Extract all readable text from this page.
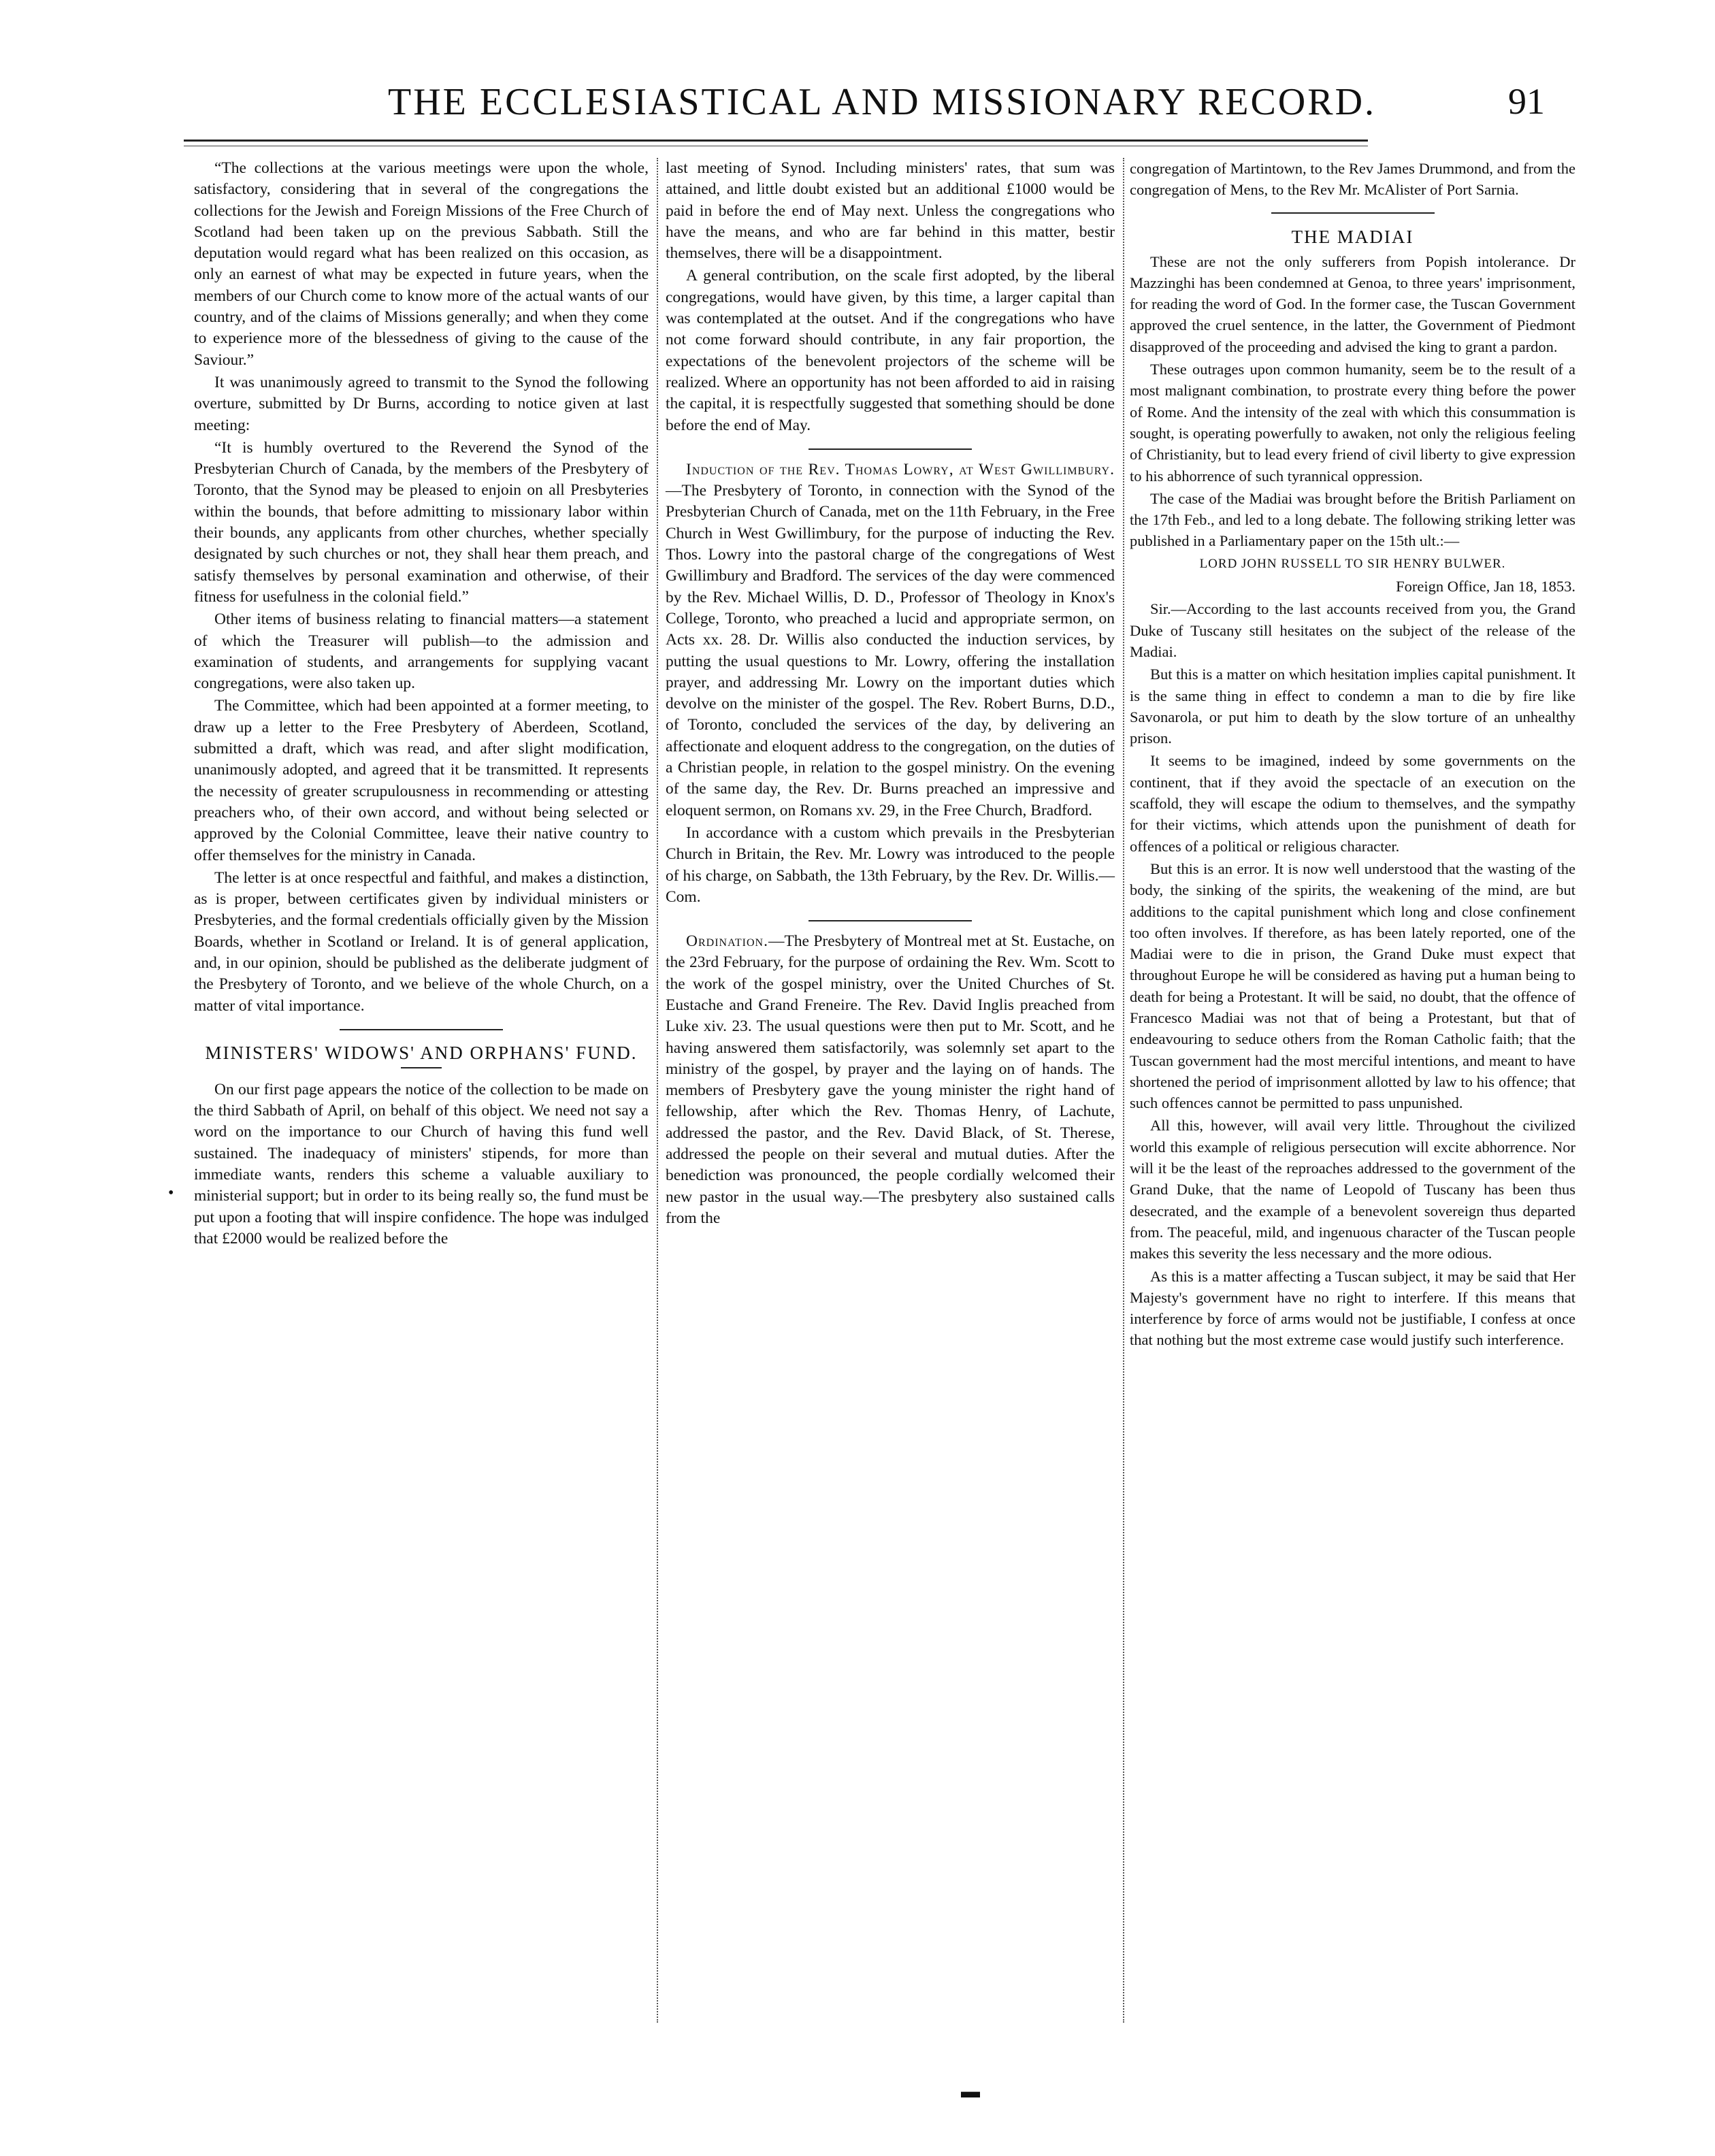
THE ECCLESIASTICAL AND MISSIONARY RECORD.	91

“The collections at the various meetings were upon the whole, satisfactory, considering that in several of the congregations the collections for the Jewish and Foreign Missions of the Free Church of Scotland had been taken up on the previous Sabbath. Still the deputation would regard what has been realized on this occasion, as only an earnest of what may be expected in future years, when the members of our Church come to know more of the actual wants of our country, and of the claims of Missions generally; and when they come to experience more of the blessedness of giving to the cause of the Saviour.”

It was unanimously agreed to transmit to the Synod the following overture, submitted by Dr Burns, according to notice given at last meeting:

“It is humbly overtured to the Reverend the Synod of the Presbyterian Church of Canada, by the members of the Presbytery of Toronto, that the Synod may be pleased to enjoin on all Presbyteries within the bounds, that before admitting to missionary labor within their bounds, any applicants from other churches, whether specially designated by such churches or not, they shall hear them preach, and satisfy themselves by personal examination and otherwise, of their fitness for usefulness in the colonial field.”

Other items of business relating to financial matters—a statement of which the Treasurer will publish—to the admission and examination of students, and arrangements for supplying vacant congregations, were also taken up.

The Committee, which had been appointed at a former meeting, to draw up a letter to the Free Presbytery of Aberdeen, Scotland, submitted a draft, which was read, and after slight modification, unanimously adopted, and agreed that it be transmitted. It represents the necessity of greater scrupulousness in recommending or attesting preachers who, of their own accord, and without being selected or approved by the Colonial Committee, leave their native country to offer themselves for the ministry in Canada.

The letter is at once respectful and faithful, and makes a distinction, as is proper, between certificates given by individual ministers or Presbyteries, and the formal credentials officially given by the Mission Boards, whether in Scotland or Ireland. It is of general application, and, in our opinion, should be published as the deliberate judgment of the Presbytery of Toronto, and we believe of the whole Church, on a matter of vital importance.

MINISTERS' WIDOWS' AND ORPHANS' FUND.

On our first page appears the notice of the collection to be made on the third Sabbath of April, on behalf of this object. We need not say a word on the importance to our Church of having this fund well sustained. The inadequacy of ministers' stipends, for more than immediate wants, renders this scheme a valuable auxiliary to ministerial support; but in order to its being really so, the fund must be put upon a footing that will inspire confidence. The hope was indulged that £2000 would be realized before the

last meeting of Synod. Including ministers' rates, that sum was attained, and little doubt existed but an additional £1000 would be paid in before the end of May next. Unless the congregations who have the means, and who are far behind in this matter, bestir themselves, there will be a disappointment.

A general contribution, on the scale first adopted, by the liberal congregations, would have given, by this time, a larger capital than was contemplated at the outset. And if the congregations who have not come forward should contribute, in any fair proportion, the expectations of the benevolent projectors of the scheme will be realized. Where an opportunity has not been afforded to aid in raising the capital, it is respectfully suggested that something should be done before the end of May.

Induction of the Rev. Thomas Lowry, at West Gwillimbury.—The Presbytery of Toronto, in connection with the Synod of the Presbyterian Church of Canada, met on the 11th February, in the Free Church in West Gwillimbury, for the purpose of inducting the Rev. Thos. Lowry into the pastoral charge of the congregations of West Gwillimbury and Bradford. The services of the day were commenced by the Rev. Michael Willis, D. D., Professor of Theology in Knox's College, Toronto, who preached a lucid and appropriate sermon, on Acts xx. 28. Dr. Willis also conducted the induction services, by putting the usual questions to Mr. Lowry, offering the installation prayer, and addressing Mr. Lowry on the important duties which devolve on the minister of the gospel. The Rev. Robert Burns, D.D., of Toronto, concluded the services of the day, by delivering an affectionate and eloquent address to the congregation, on the duties of a Christian people, in relation to the gospel ministry. On the evening of the same day, the Rev. Dr. Burns preached an impressive and eloquent sermon, on Romans xv. 29, in the Free Church, Bradford.

In accordance with a custom which prevails in the Presbyterian Church in Britain, the Rev. Mr. Lowry was introduced to the people of his charge, on Sabbath, the 13th February, by the Rev. Dr. Willis.—Com.

Ordination.—The Presbytery of Montreal met at St. Eustache, on the 23rd February, for the purpose of ordaining the Rev. Wm. Scott to the work of the gospel ministry, over the United Churches of St. Eustache and Grand Freneire. The Rev. David Inglis preached from Luke xiv. 23. The usual questions were then put to Mr. Scott, and he having answered them satisfactorily, was solemnly set apart to the ministry of the gospel, by prayer and the laying on of hands. The members of Presbytery gave the young minister the right hand of fellowship, after which the Rev. Thomas Henry, of Lachute, addressed the pastor, and the Rev. David Black, of St. Therese, addressed the people on their several and mutual duties. After the benediction was pronounced, the people cordially welcomed their new pastor in the usual way.—The presbytery also sustained calls from the

congregation of Martintown, to the Rev James Drummond, and from the congregation of Mens, to the Rev Mr. McAlister of Port Sarnia.

THE MADIAI

These are not the only sufferers from Popish intolerance. Dr Mazzinghi has been condemned at Genoa, to three years' imprisonment, for reading the word of God. In the former case, the Tuscan Government approved the cruel sentence, in the latter, the Government of Piedmont disapproved of the proceeding and advised the king to grant a pardon.

These outrages upon common humanity, seem be to the result of a most malignant combination, to prostrate every thing before the power of Rome. And the intensity of the zeal with which this consummation is sought, is operating powerfully to awaken, not only the religious feeling of Christianity, but to lead every friend of civil liberty to give expression to his abhorrence of such tyrannical oppression.

The case of the Madiai was brought before the British Parliament on the 17th Feb., and led to a long debate. The following striking letter was published in a Parliamentary paper on the 15th ult.:—

LORD JOHN RUSSELL TO SIR HENRY BULWER.

Foreign Office, Jan 18, 1853.

Sir.—According to the last accounts received from you, the Grand Duke of Tuscany still hesitates on the subject of the release of the Madiai.

But this is a matter on which hesitation implies capital punishment. It is the same thing in effect to condemn a man to die by fire like Savonarola, or put him to death by the slow torture of an unhealthy prison.

It seems to be imagined, indeed by some governments on the continent, that if they avoid the spectacle of an execution on the scaffold, they will escape the odium to themselves, and the sympathy for their victims, which attends upon the punishment of death for offences of a political or religious character.

But this is an error. It is now well understood that the wasting of the body, the sinking of the spirits, the weakening of the mind, are but additions to the capital punishment which long and close confinement too often involves. If therefore, as has been lately reported, one of the Madiai were to die in prison, the Grand Duke must expect that throughout Europe he will be considered as having put a human being to death for being a Protestant. It will be said, no doubt, that the offence of Francesco Madiai was not that of being a Protestant, but that of endeavouring to seduce others from the Roman Catholic faith; that the Tuscan government had the most merciful intentions, and meant to have shortened the period of imprisonment allotted by law to his offence; that such offences cannot be permitted to pass unpunished.

All this, however, will avail very little. Throughout the civilized world this example of religious persecution will excite abhorrence. Nor will it be the least of the reproaches addressed to the government of the Grand Duke, that the name of Leopold of Tuscany has been thus desecrated, and the example of a benevolent sovereign thus departed from. The peaceful, mild, and ingenuous character of the Tuscan people makes this severity the less necessary and the more odious.

As this is a matter affecting a Tuscan subject, it may be said that Her Majesty's government have no right to interfere. If this means that interference by force of arms would not be justifiable, I confess at once that nothing but the most extreme case would justify such interference.

•
▬
